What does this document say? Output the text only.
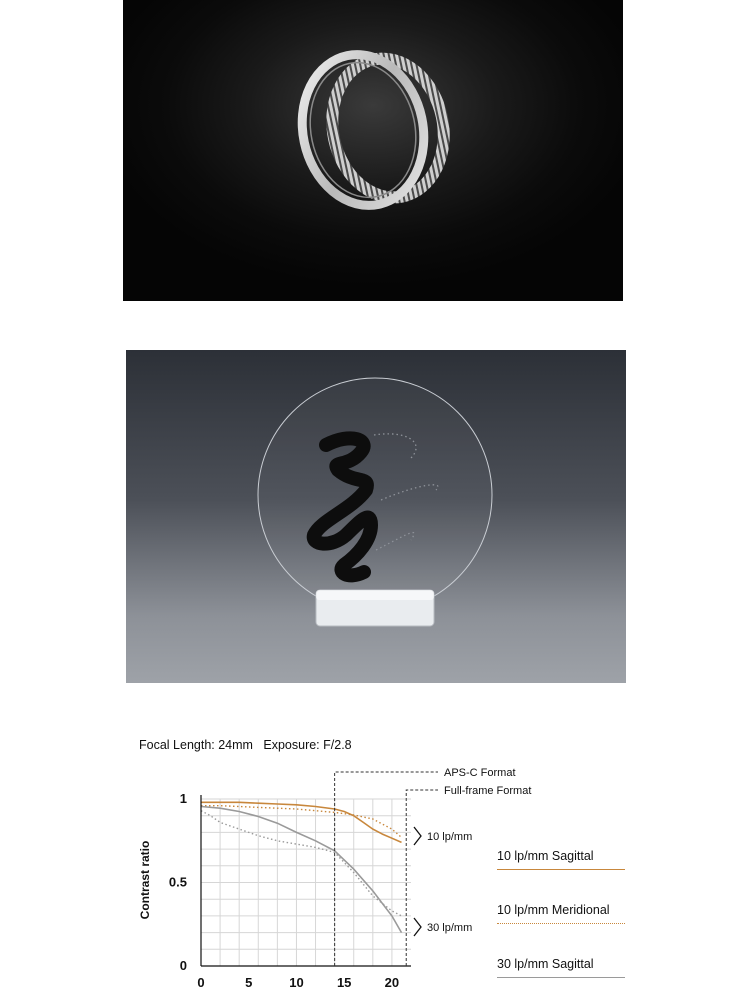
Focal Length: 24mm Exposure: F/2.8
0	5	10	15	20
0
0.5
1
APS-C Format
Full-frame Format
10 lp/mm
30 lp/mm
Contrast ratio	10 lp/mm Sagittal
10 lp/mm Meridional
30 lp/mm Sagittal
